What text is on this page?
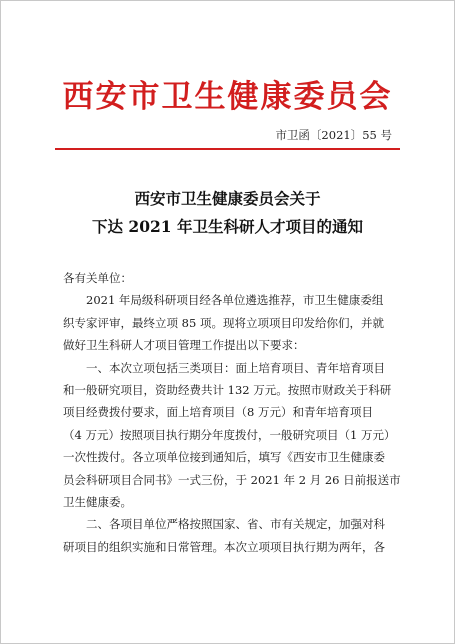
西安市卫生健康委员会
市卫函〔2021〕55 号
西安市卫生健康委员会关于
下达 2021 年卫生科研人才项目的通知

各有关单位：

2021 年局级科研项目经各单位遴选推荐，市卫生健康委组
织专家评审，最终立项 85 项。现将立项项目印发给你们，并就
做好卫生科研人才项目管理工作提出以下要求：

一、本次立项包括三类项目：面上培育项目、青年培育项目
和一般研究项目，资助经费共计 132 万元。按照市财政关于科研
项目经费拨付要求，面上培育项目（8 万元）和青年培育项目
（4 万元）按照项目执行期分年度拨付，一般研究项目（1 万元）
一次性拨付。各立项单位接到通知后，填写《西安市卫生健康委
员会科研项目合同书》一式三份，于 2021 年 2 月 26 日前报送市
卫生健康委。

二、各项目单位严格按照国家、省、市有关规定，加强对科
研项目的组织实施和日常管理。本次立项项目执行期为两年，各
